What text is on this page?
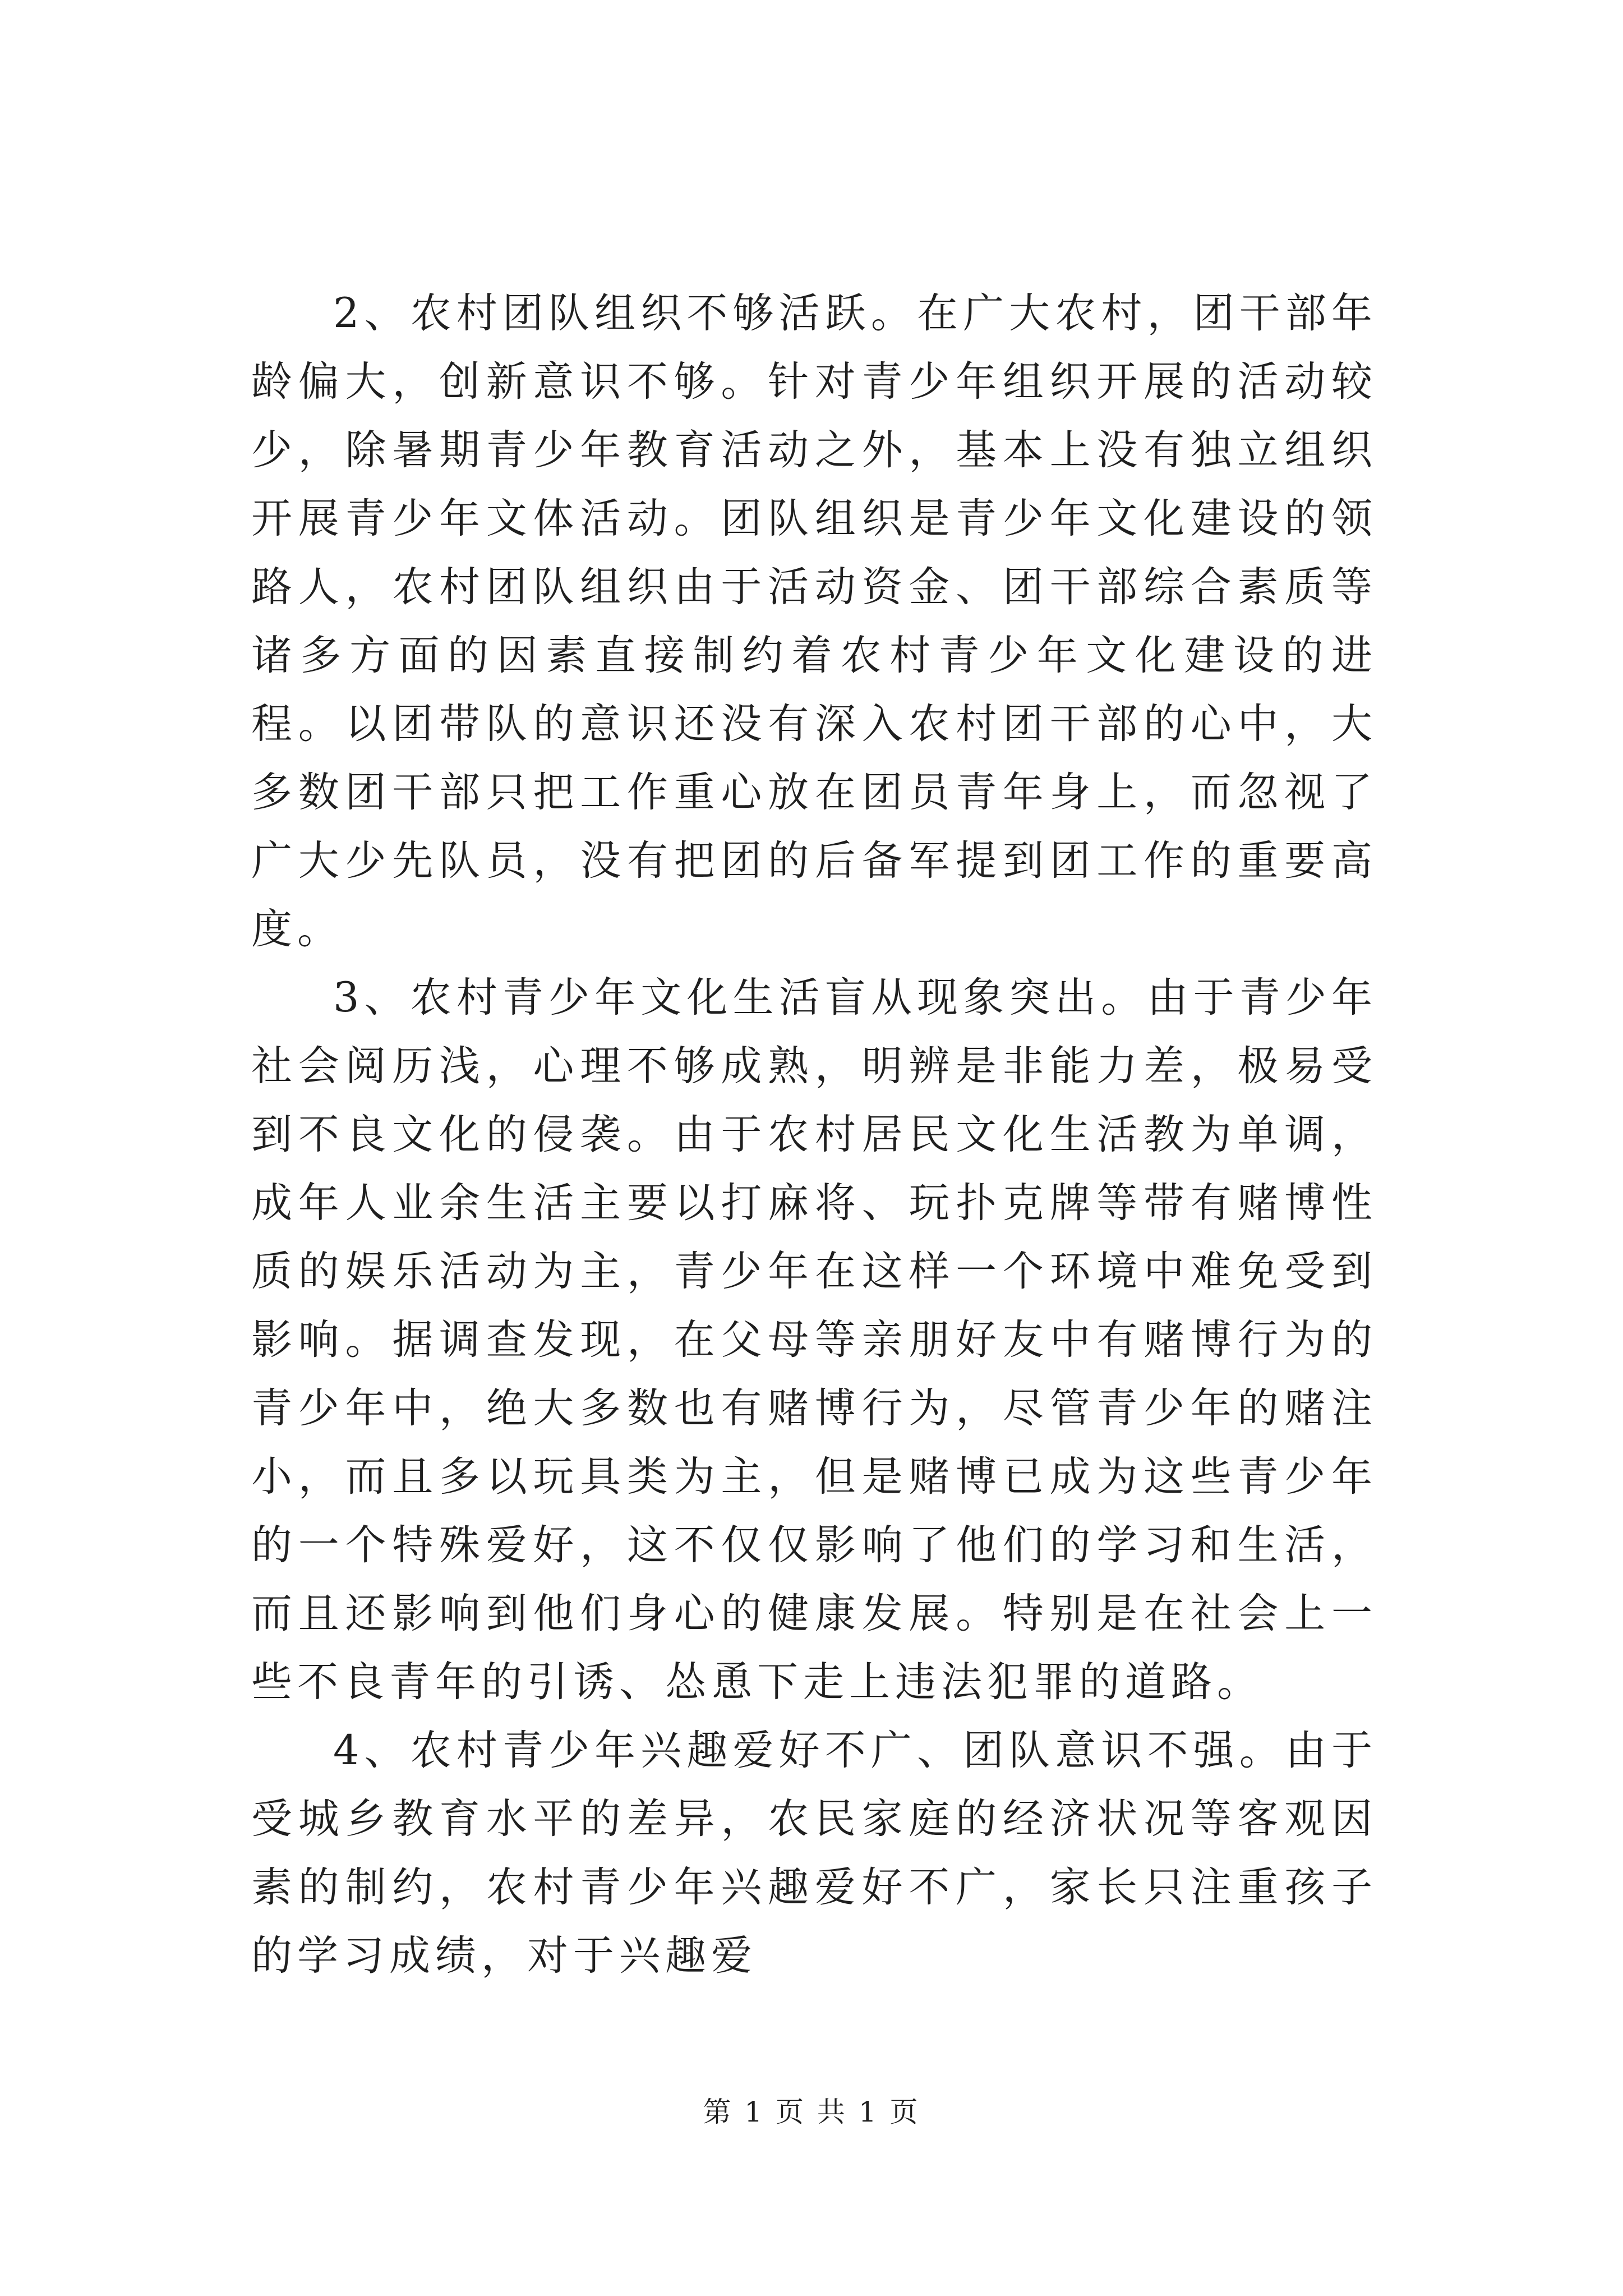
2、农村团队组织不够活跃。在广大农村，团干部年龄偏大，创新意识不够。针对青少年组织开展的活动较少，除暑期青少年教育活动之外，基本上没有独立组织开展青少年文体活动。团队组织是青少年文化建设的领路人，农村团队组织由于活动资金、团干部综合素质等诸多方面的因素直接制约着农村青少年文化建设的进程。以团带队的意识还没有深入农村团干部的心中，大多数团干部只把工作重心放在团员青年身上，而忽视了广大少先队员，没有把团的后备军提到团工作的重要高度。

3、农村青少年文化生活盲从现象突出。由于青少年社会阅历浅，心理不够成熟，明辨是非能力差，极易受到不良文化的侵袭。由于农村居民文化生活教为单调，成年人业余生活主要以打麻将、玩扑克牌等带有赌博性质的娱乐活动为主，青少年在这样一个环境中难免受到影响。据调查发现，在父母等亲朋好友中有赌博行为的青少年中，绝大多数也有赌博行为，尽管青少年的赌注小，而且多以玩具类为主，但是赌博已成为这些青少年的一个特殊爱好，这不仅仅影响了他们的学习和生活，而且还影响到他们身心的健康发展。特别是在社会上一些不良青年的引诱、怂恿下走上违法犯罪的道路。

4、农村青少年兴趣爱好不广、团队意识不强。由于受城乡教育水平的差异，农民家庭的经济状况等客观因素的制约，农村青少年兴趣爱好不广，家长只注重孩子的学习成绩，对于兴趣爱

第 1 页 共 1 页
